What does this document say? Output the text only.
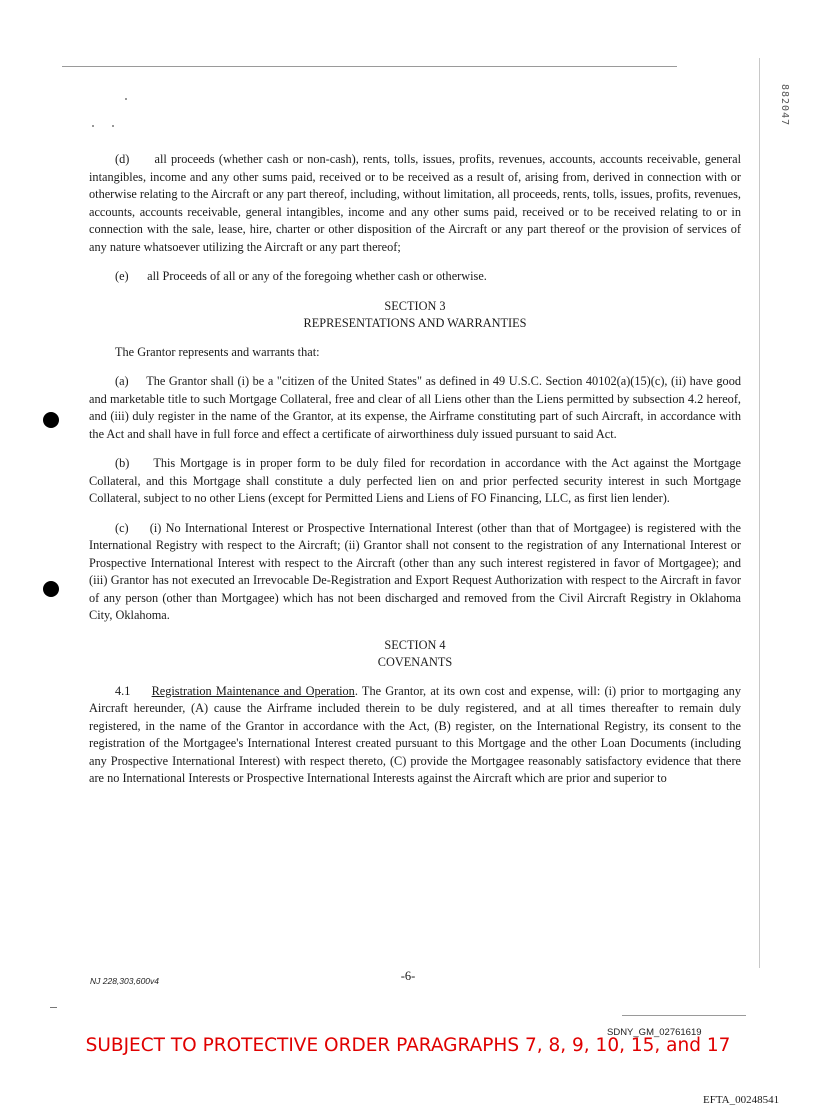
882047

(d) all proceeds (whether cash or non-cash), rents, tolls, issues, profits, revenues, accounts, accounts receivable, general intangibles, income and any other sums paid, received or to be received as a result of, arising from, derived in connection with or otherwise relating to the Aircraft or any part thereof, including, without limitation, all proceeds, rents, tolls, issues, profits, revenues, accounts, accounts receivable, general intangibles, income and any other sums paid, received or to be received relating to or in connection with the sale, lease, hire, charter or other disposition of the Aircraft or any part thereof or the provision of services of any nature whatsoever utilizing the Aircraft or any part thereof;

(e) all Proceeds of all or any of the foregoing whether cash or otherwise.

SECTION 3
REPRESENTATIONS AND WARRANTIES

The Grantor represents and warrants that:

(a) The Grantor shall (i) be a "citizen of the United States" as defined in 49 U.S.C. Section 40102(a)(15)(c), (ii) have good and marketable title to such Mortgage Collateral, free and clear of all Liens other than the Liens permitted by subsection 4.2 hereof, and (iii) duly register in the name of the Grantor, at its expense, the Airframe constituting part of such Aircraft, in accordance with the Act and shall have in full force and effect a certificate of airworthiness duly issued pursuant to said Act.

(b) This Mortgage is in proper form to be duly filed for recordation in accordance with the Act against the Mortgage Collateral, and this Mortgage shall constitute a duly perfected lien on and prior perfected security interest in such Mortgage Collateral, subject to no other Liens (except for Permitted Liens and Liens of FO Financing, LLC, as first lien lender).

(c) (i) No International Interest or Prospective International Interest (other than that of Mortgagee) is registered with the International Registry with respect to the Aircraft; (ii) Grantor shall not consent to the registration of any International Interest or Prospective International Interest with respect to the Aircraft (other than any such interest registered in favor of Mortgagee); and (iii) Grantor has not executed an Irrevocable De-Registration and Export Request Authorization with respect to the Aircraft in favor of any person (other than Mortgagee) which has not been discharged and removed from the Civil Aircraft Registry in Oklahoma City, Oklahoma.

SECTION 4
COVENANTS

4.1 Registration Maintenance and Operation. The Grantor, at its own cost and expense, will: (i) prior to mortgaging any Aircraft hereunder, (A) cause the Airframe included therein to be duly registered, and at all times thereafter to remain duly registered, in the name of the Grantor in accordance with the Act, (B) register, on the International Registry, its consent to the registration of the Mortgagee's International Interest created pursuant to this Mortgage and the other Loan Documents (including any Prospective International Interest) with respect thereto, (C) provide the Mortgagee reasonably satisfactory evidence that there are no International Interests or Prospective International Interests against the Aircraft which are prior and superior to

NJ 228,303,600v4	-6-
SDNY_GM_02761619
SUBJECT TO PROTECTIVE ORDER PARAGRAPHS 7, 8, 9, 10, 15, and 17
EFTA_00248541
